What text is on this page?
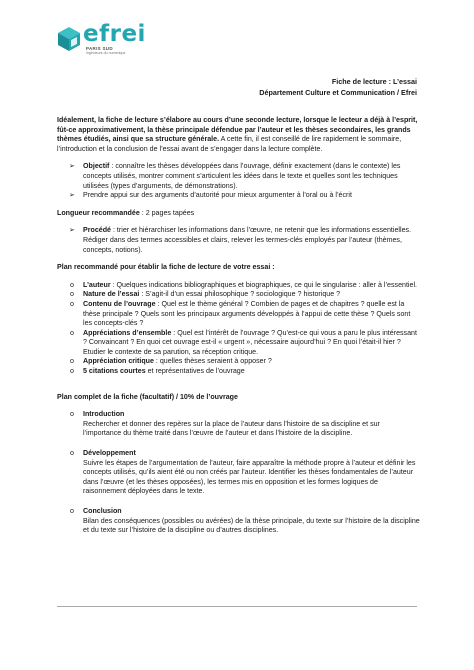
efrei
PARIS SUD
ingénieurs du numérique
Fiche de lecture : L’essai
Département Culture et Communication / Efrei

Idéalement, la fiche de lecture s’élabore au cours d’une seconde lecture, lorsque le lecteur a déjà à l’esprit, fût-ce approximativement, la thèse principale défendue par l’auteur et les thèses secondaires, les grands thèmes étudiés, ainsi que sa structure générale. A cette fin, il est conseillé de lire rapidement le sommaire, l’introduction et la conclusion de l’essai avant de s’engager dans la lecture complète.

➢ Objectif : connaître les thèses développées dans l’ouvrage, définir exactement (dans le contexte) les concepts utilisés, montrer comment s’articulent les idées dans le texte et quelles sont les techniques utilisées (types d’arguments, de démonstrations).
➢ Prendre appui sur des arguments d’autorité pour mieux argumenter à l’oral ou à l’écrit

Longueur recommandée : 2 pages tapées

➢ Procédé : trier et hiérarchiser les informations dans l’œuvre, ne retenir que les informations essentielles. Rédiger dans des termes accessibles et clairs, relever les termes-clés employés par l’auteur (thèmes, concepts, notions).

Plan recommandé pour établir la fiche de lecture de votre essai :

o L’auteur : Quelques indications bibliographiques et biographiques, ce qui le singularise : aller à l’essentiel.
o Nature de l’essai : S’agit-il d’un essai philosophique ? sociologique ? historique ?
o Contenu de l’ouvrage : Quel est le thème général ? Combien de pages et de chapitres ? quelle est la thèse principale ? Quels sont les principaux arguments développés à l’appui de cette thèse ? Quels sont les concepts-clés ?
o Appréciations d’ensemble : Quel est l’intérêt de l’ouvrage ? Qu’est-ce qui vous a paru le plus intéressant ? Convaincant ? En quoi cet ouvrage est-il « urgent », nécessaire aujourd’hui ? En quoi l’était-il hier ? Etudier le contexte de sa parution, sa réception critique.
o Appréciation critique : quelles thèses seraient à opposer ?
o 5 citations courtes et représentatives de l’ouvrage

Plan complet de la fiche (facultatif) / 10% de l’ouvrage

o Introduction
Rechercher et donner des repères sur la place de l’auteur dans l’histoire de sa discipline et sur l’importance du thème traité dans l’œuvre de l’auteur et dans l’histoire de la discipline.
o Développement
Suivre les étapes de l’argumentation de l’auteur, faire apparaître la méthode propre à l’auteur et définir les concepts utilisés, qu’ils aient été ou non créés par l’auteur. Identifier les thèses fondamentales de l’auteur dans l’œuvre (et les thèses opposées), les termes mis en opposition et les formes logiques de raisonnement déployées dans le texte.
o Conclusion
Bilan des conséquences (possibles ou avérées) de la thèse principale, du texte sur l’histoire de la discipline et du texte sur l’histoire de la discipline ou d’autres disciplines.
